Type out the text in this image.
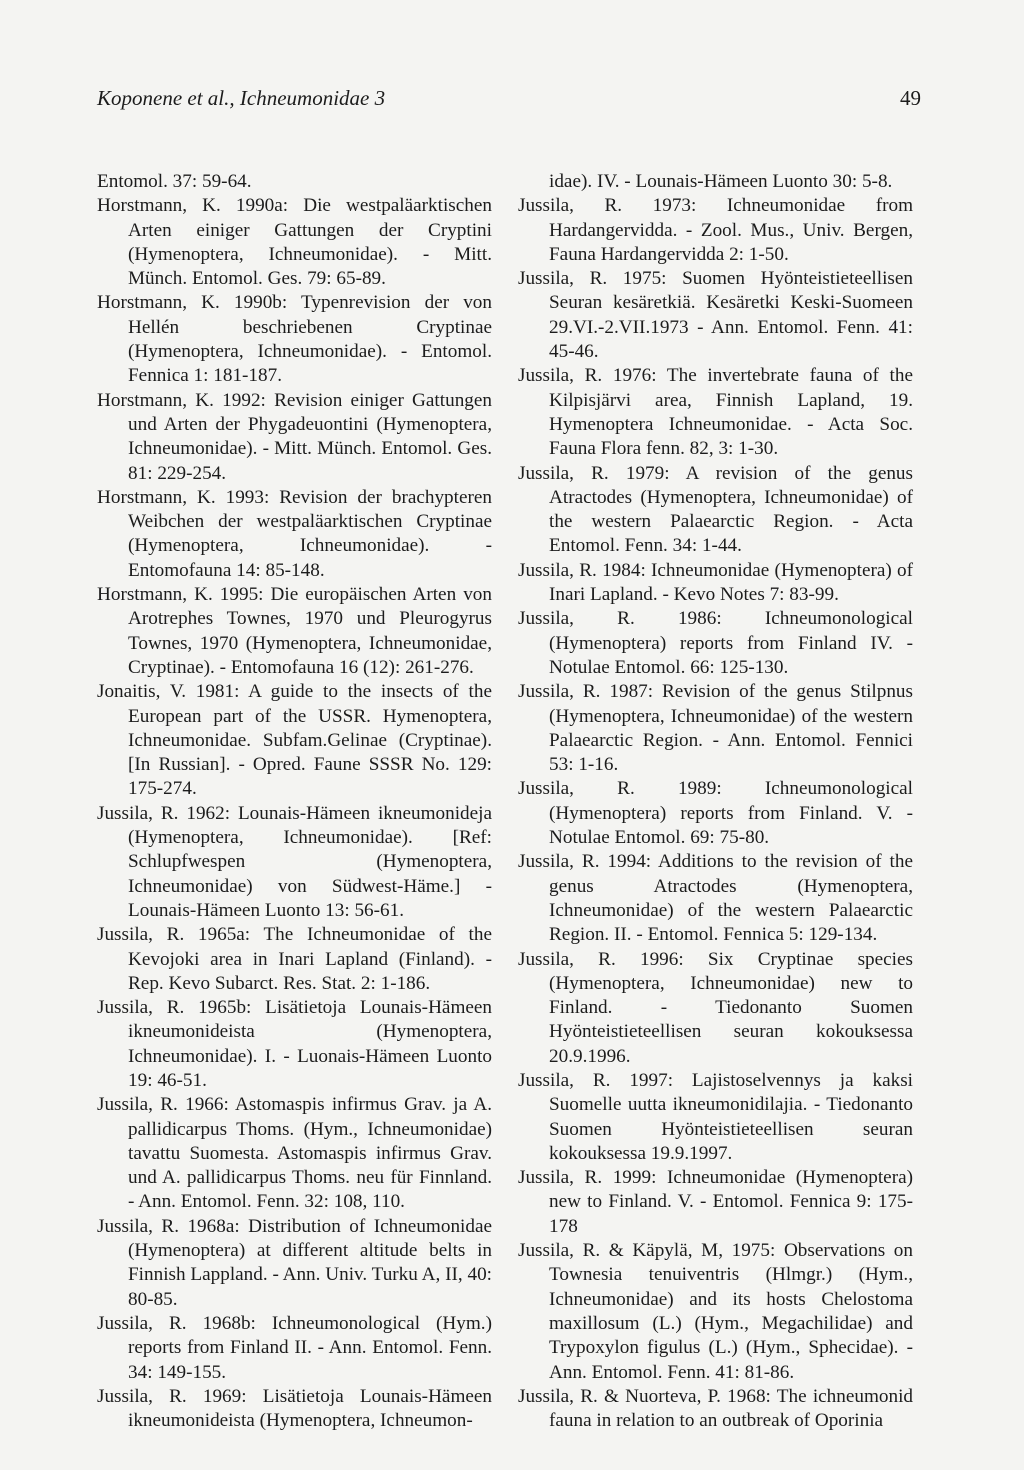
Koponene et al., Ichneumonidae 3	49

Entomol. 37: 59-64.

Horstmann, K. 1990a: Die westpaläarktischen Arten einiger Gattungen der Cryptini (Hymenoptera, Ichneumonidae). - Mitt. Münch. Entomol. Ges. 79: 65-89.

Horstmann, K. 1990b: Typenrevision der von Hellén beschriebenen Cryptinae (Hymenoptera, Ichneumonidae). - Entomol. Fennica 1: 181-187.

Horstmann, K. 1992: Revision einiger Gattungen und Arten der Phygadeuontini (Hymenoptera, Ichneumonidae). - Mitt. Münch. Entomol. Ges. 81: 229-254.

Horstmann, K. 1993: Revision der brachypteren Weibchen der westpaläarktischen Cryptinae (Hymenoptera, Ichneumonidae). - Entomofauna 14: 85-148.

Horstmann, K. 1995: Die europäischen Arten von Arotrephes Townes, 1970 und Pleurogyrus Townes, 1970 (Hymenoptera, Ichneumonidae, Cryptinae). - Entomofauna 16 (12): 261-276.

Jonaitis, V. 1981: A guide to the insects of the European part of the USSR. Hymenoptera, Ichneumonidae. Subfam.Gelinae (Cryptinae). [In Russian]. - Opred. Faune SSSR No. 129: 175-274.

Jussila, R. 1962: Lounais-Hämeen ikneumonideja (Hymenoptera, Ichneumonidae). [Ref: Schlupfwespen (Hymenoptera, Ichneumonidae) von Südwest-Häme.] - Lounais-Hämeen Luonto 13: 56-61.

Jussila, R. 1965a: The Ichneumonidae of the Kevojoki area in Inari Lapland (Finland). - Rep. Kevo Subarct. Res. Stat. 2: 1-186.

Jussila, R. 1965b: Lisätietoja Lounais-Hämeen ikneumonideista (Hymenoptera, Ichneumonidae). I. - Luonais-Hämeen Luonto 19: 46-51.

Jussila, R. 1966: Astomaspis infirmus Grav. ja A. pallidicarpus Thoms. (Hym., Ichneumonidae) tavattu Suomesta. Astomaspis infirmus Grav. und A. pallidicarpus Thoms. neu für Finnland. - Ann. Entomol. Fenn. 32: 108, 110.

Jussila, R. 1968a: Distribution of Ichneumonidae (Hymenoptera) at different altitude belts in Finnish Lappland. - Ann. Univ. Turku A, II, 40: 80-85.

Jussila, R. 1968b: Ichneumonological (Hym.) reports from Finland II. - Ann. Entomol. Fenn. 34: 149-155.

Jussila, R. 1969: Lisätietoja Lounais-Hämeen ikneumonideista (Hymenoptera, Ichneumon-

idae). IV. - Lounais-Hämeen Luonto 30: 5-8.

Jussila, R. 1973: Ichneumonidae from Hardangervidda. - Zool. Mus., Univ. Bergen, Fauna Hardangervidda 2: 1-50.

Jussila, R. 1975: Suomen Hyönteistieteellisen Seuran kesäretkiä. Kesäretki Keski-Suomeen 29.VI.-2.VII.1973 - Ann. Entomol. Fenn. 41: 45-46.

Jussila, R. 1976: The invertebrate fauna of the Kilpisjärvi area, Finnish Lapland, 19. Hymenoptera Ichneumonidae. - Acta Soc. Fauna Flora fenn. 82, 3: 1-30.

Jussila, R. 1979: A revision of the genus Atractodes (Hymenoptera, Ichneumonidae) of the western Palaearctic Region. - Acta Entomol. Fenn. 34: 1-44.

Jussila, R. 1984: Ichneumonidae (Hymenoptera) of Inari Lapland. - Kevo Notes 7: 83-99.

Jussila, R. 1986: Ichneumonological (Hymenoptera) reports from Finland IV. - Notulae Entomol. 66: 125-130.

Jussila, R. 1987: Revision of the genus Stilpnus (Hymenoptera, Ichneumonidae) of the western Palaearctic Region. - Ann. Entomol. Fennici 53: 1-16.

Jussila, R. 1989: Ichneumonological (Hymenoptera) reports from Finland. V. - Notulae Entomol. 69: 75-80.

Jussila, R. 1994: Additions to the revision of the genus Atractodes (Hymenoptera, Ichneumonidae) of the western Palaearctic Region. II. - Entomol. Fennica 5: 129-134.

Jussila, R. 1996: Six Cryptinae species (Hymenoptera, Ichneumonidae) new to Finland. - Tiedonanto Suomen Hyönteistieteellisen seuran kokouksessa 20.9.1996.

Jussila, R. 1997: Lajistoselvennys ja kaksi Suomelle uutta ikneumonidilajia. - Tiedonanto Suomen Hyönteistieteellisen seuran kokouksessa 19.9.1997.

Jussila, R. 1999: Ichneumonidae (Hymenoptera) new to Finland. V. - Entomol. Fennica 9: 175-178

Jussila, R. & Käpylä, M, 1975: Observations on Townesia tenuiventris (Hlmgr.) (Hym., Ichneumonidae) and its hosts Chelostoma maxillosum (L.) (Hym., Megachilidae) and Trypoxylon figulus (L.) (Hym., Sphecidae). - Ann. Entomol. Fenn. 41: 81-86.

Jussila, R. & Nuorteva, P. 1968: The ichneumonid fauna in relation to an outbreak of Oporinia
